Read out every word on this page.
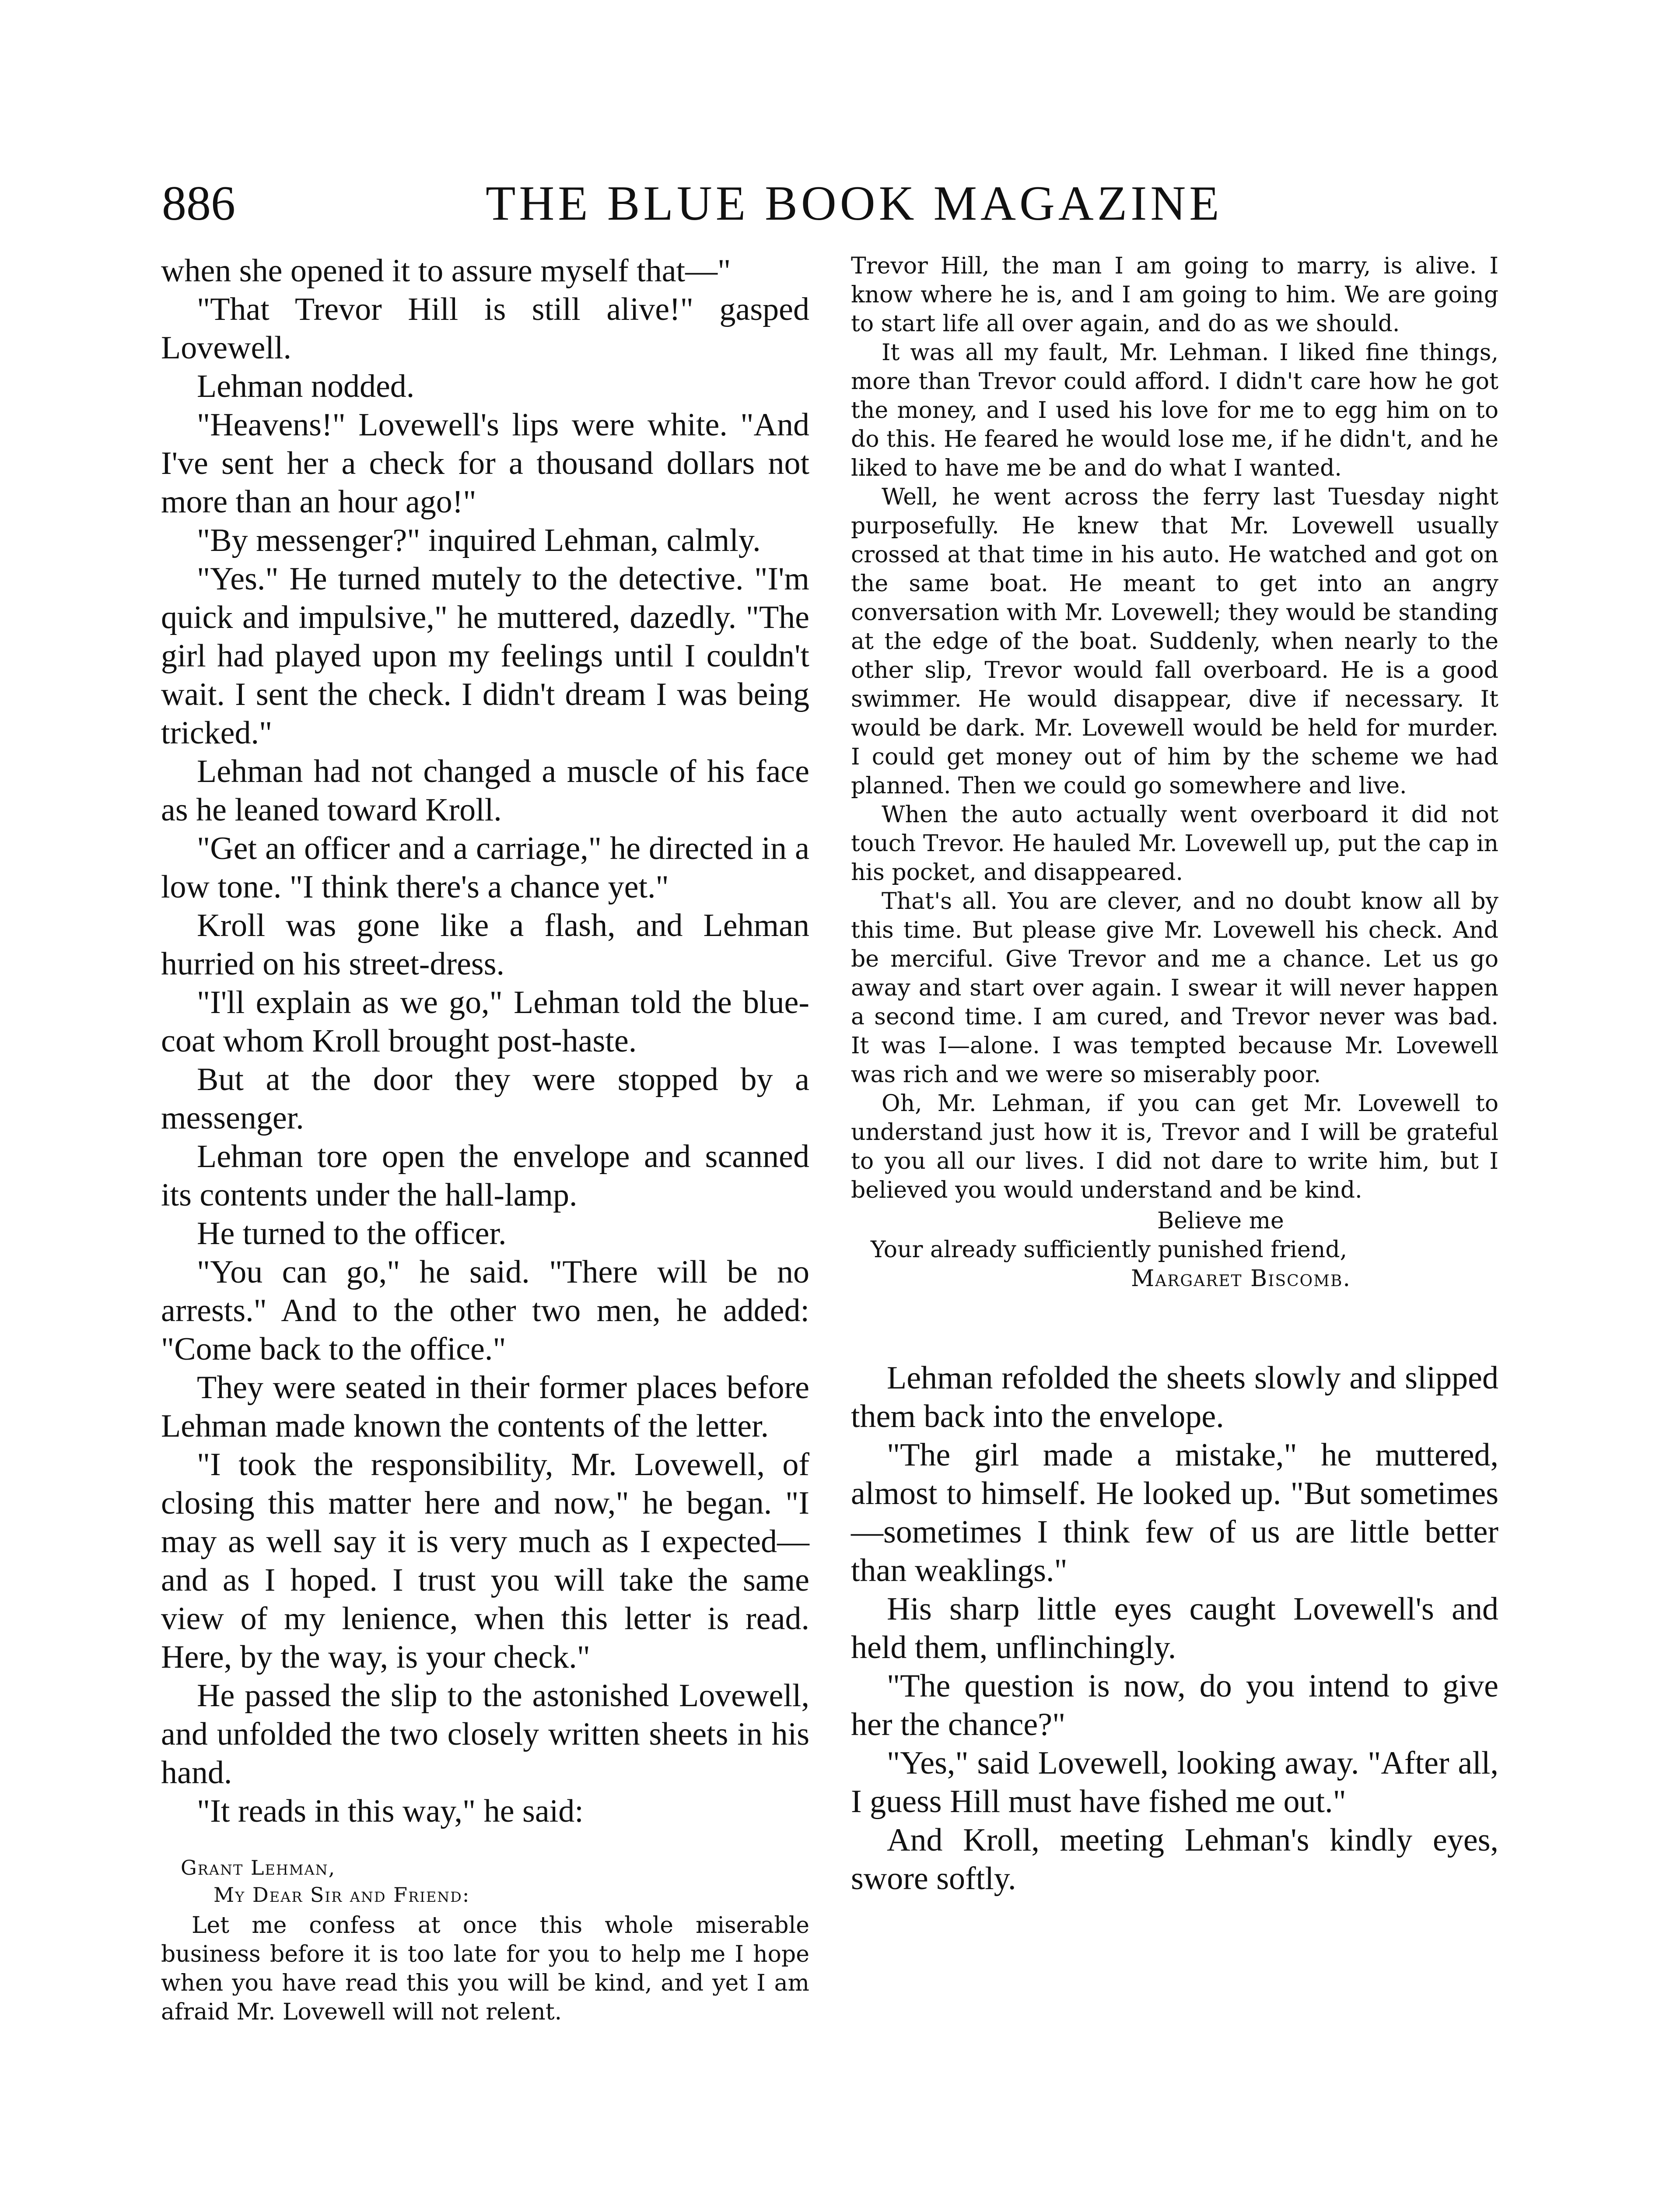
886	THE BLUE BOOK MAGAZINE

when she opened it to assure myself that—"

"That Trevor Hill is still alive!" gasped Lovewell.

Lehman nodded.

"Heavens!" Lovewell's lips were white. "And I've sent her a check for a thousand dollars not more than an hour ago!"

"By messenger?" inquired Lehman, calmly.

"Yes." He turned mutely to the detective. "I'm quick and impulsive," he muttered, dazedly. "The girl had played upon my feelings until I couldn't wait. I sent the check. I didn't dream I was being tricked."

Lehman had not changed a muscle of his face as he leaned toward Kroll.

"Get an officer and a carriage," he directed in a low tone. "I think there's a chance yet."

Kroll was gone like a flash, and Lehman hurried on his street-dress.

"I'll explain as we go," Lehman told the blue-coat whom Kroll brought post-haste.

But at the door they were stopped by a messenger.

Lehman tore open the envelope and scanned its contents under the hall-lamp.

He turned to the officer.

"You can go," he said. "There will be no arrests." And to the other two men, he added: "Come back to the office."

They were seated in their former places before Lehman made known the contents of the letter.

"I took the responsibility, Mr. Lovewell, of closing this matter here and now," he began. "I may as well say it is very much as I expected—and as I hoped. I trust you will take the same view of my lenience, when this letter is read. Here, by the way, is your check."

He passed the slip to the astonished Lovewell, and unfolded the two closely written sheets in his hand.

"It reads in this way," he said:

Grant Lehman,

My Dear Sir and Friend:

Let me confess at once this whole miserable business before it is too late for you to help me I hope when you have read this you will be kind, and yet I am afraid Mr. Lovewell will not relent.

Trevor Hill, the man I am going to marry, is alive. I know where he is, and I am going to him. We are going to start life all over again, and do as we should.

It was all my fault, Mr. Lehman. I liked fine things, more than Trevor could afford. I didn't care how he got the money, and I used his love for me to egg him on to do this. He feared he would lose me, if he didn't, and he liked to have me be and do what I wanted.

Well, he went across the ferry last Tuesday night purposefully. He knew that Mr. Lovewell usually crossed at that time in his auto. He watched and got on the same boat. He meant to get into an angry conversation with Mr. Lovewell; they would be standing at the edge of the boat. Suddenly, when nearly to the other slip, Trevor would fall overboard. He is a good swimmer. He would disappear, dive if necessary. It would be dark. Mr. Lovewell would be held for murder. I could get money out of him by the scheme we had planned. Then we could go somewhere and live.

When the auto actually went overboard it did not touch Trevor. He hauled Mr. Lovewell up, put the cap in his pocket, and disappeared.

That's all. You are clever, and no doubt know all by this time. But please give Mr. Lovewell his check. And be merciful. Give Trevor and me a chance. Let us go away and start over again. I swear it will never happen a second time. I am cured, and Trevor never was bad. It was I—alone. I was tempted because Mr. Lovewell was rich and we were so miserably poor.

Oh, Mr. Lehman, if you can get Mr. Lovewell to understand just how it is, Trevor and I will be grateful to you all our lives. I did not dare to write him, but I believed you would understand and be kind.

Believe me
Your already sufficiently punished friend,
Margaret Biscomb.

Lehman refolded the sheets slowly and slipped them back into the envelope.

"The girl made a mistake," he muttered, almost to himself. He looked up. "But sometimes—sometimes I think few of us are little better than weaklings."

His sharp little eyes caught Lovewell's and held them, unflinchingly.

"The question is now, do you intend to give her the chance?"

"Yes," said Lovewell, looking away. "After all, I guess Hill must have fished me out."

And Kroll, meeting Lehman's kindly eyes, swore softly.
